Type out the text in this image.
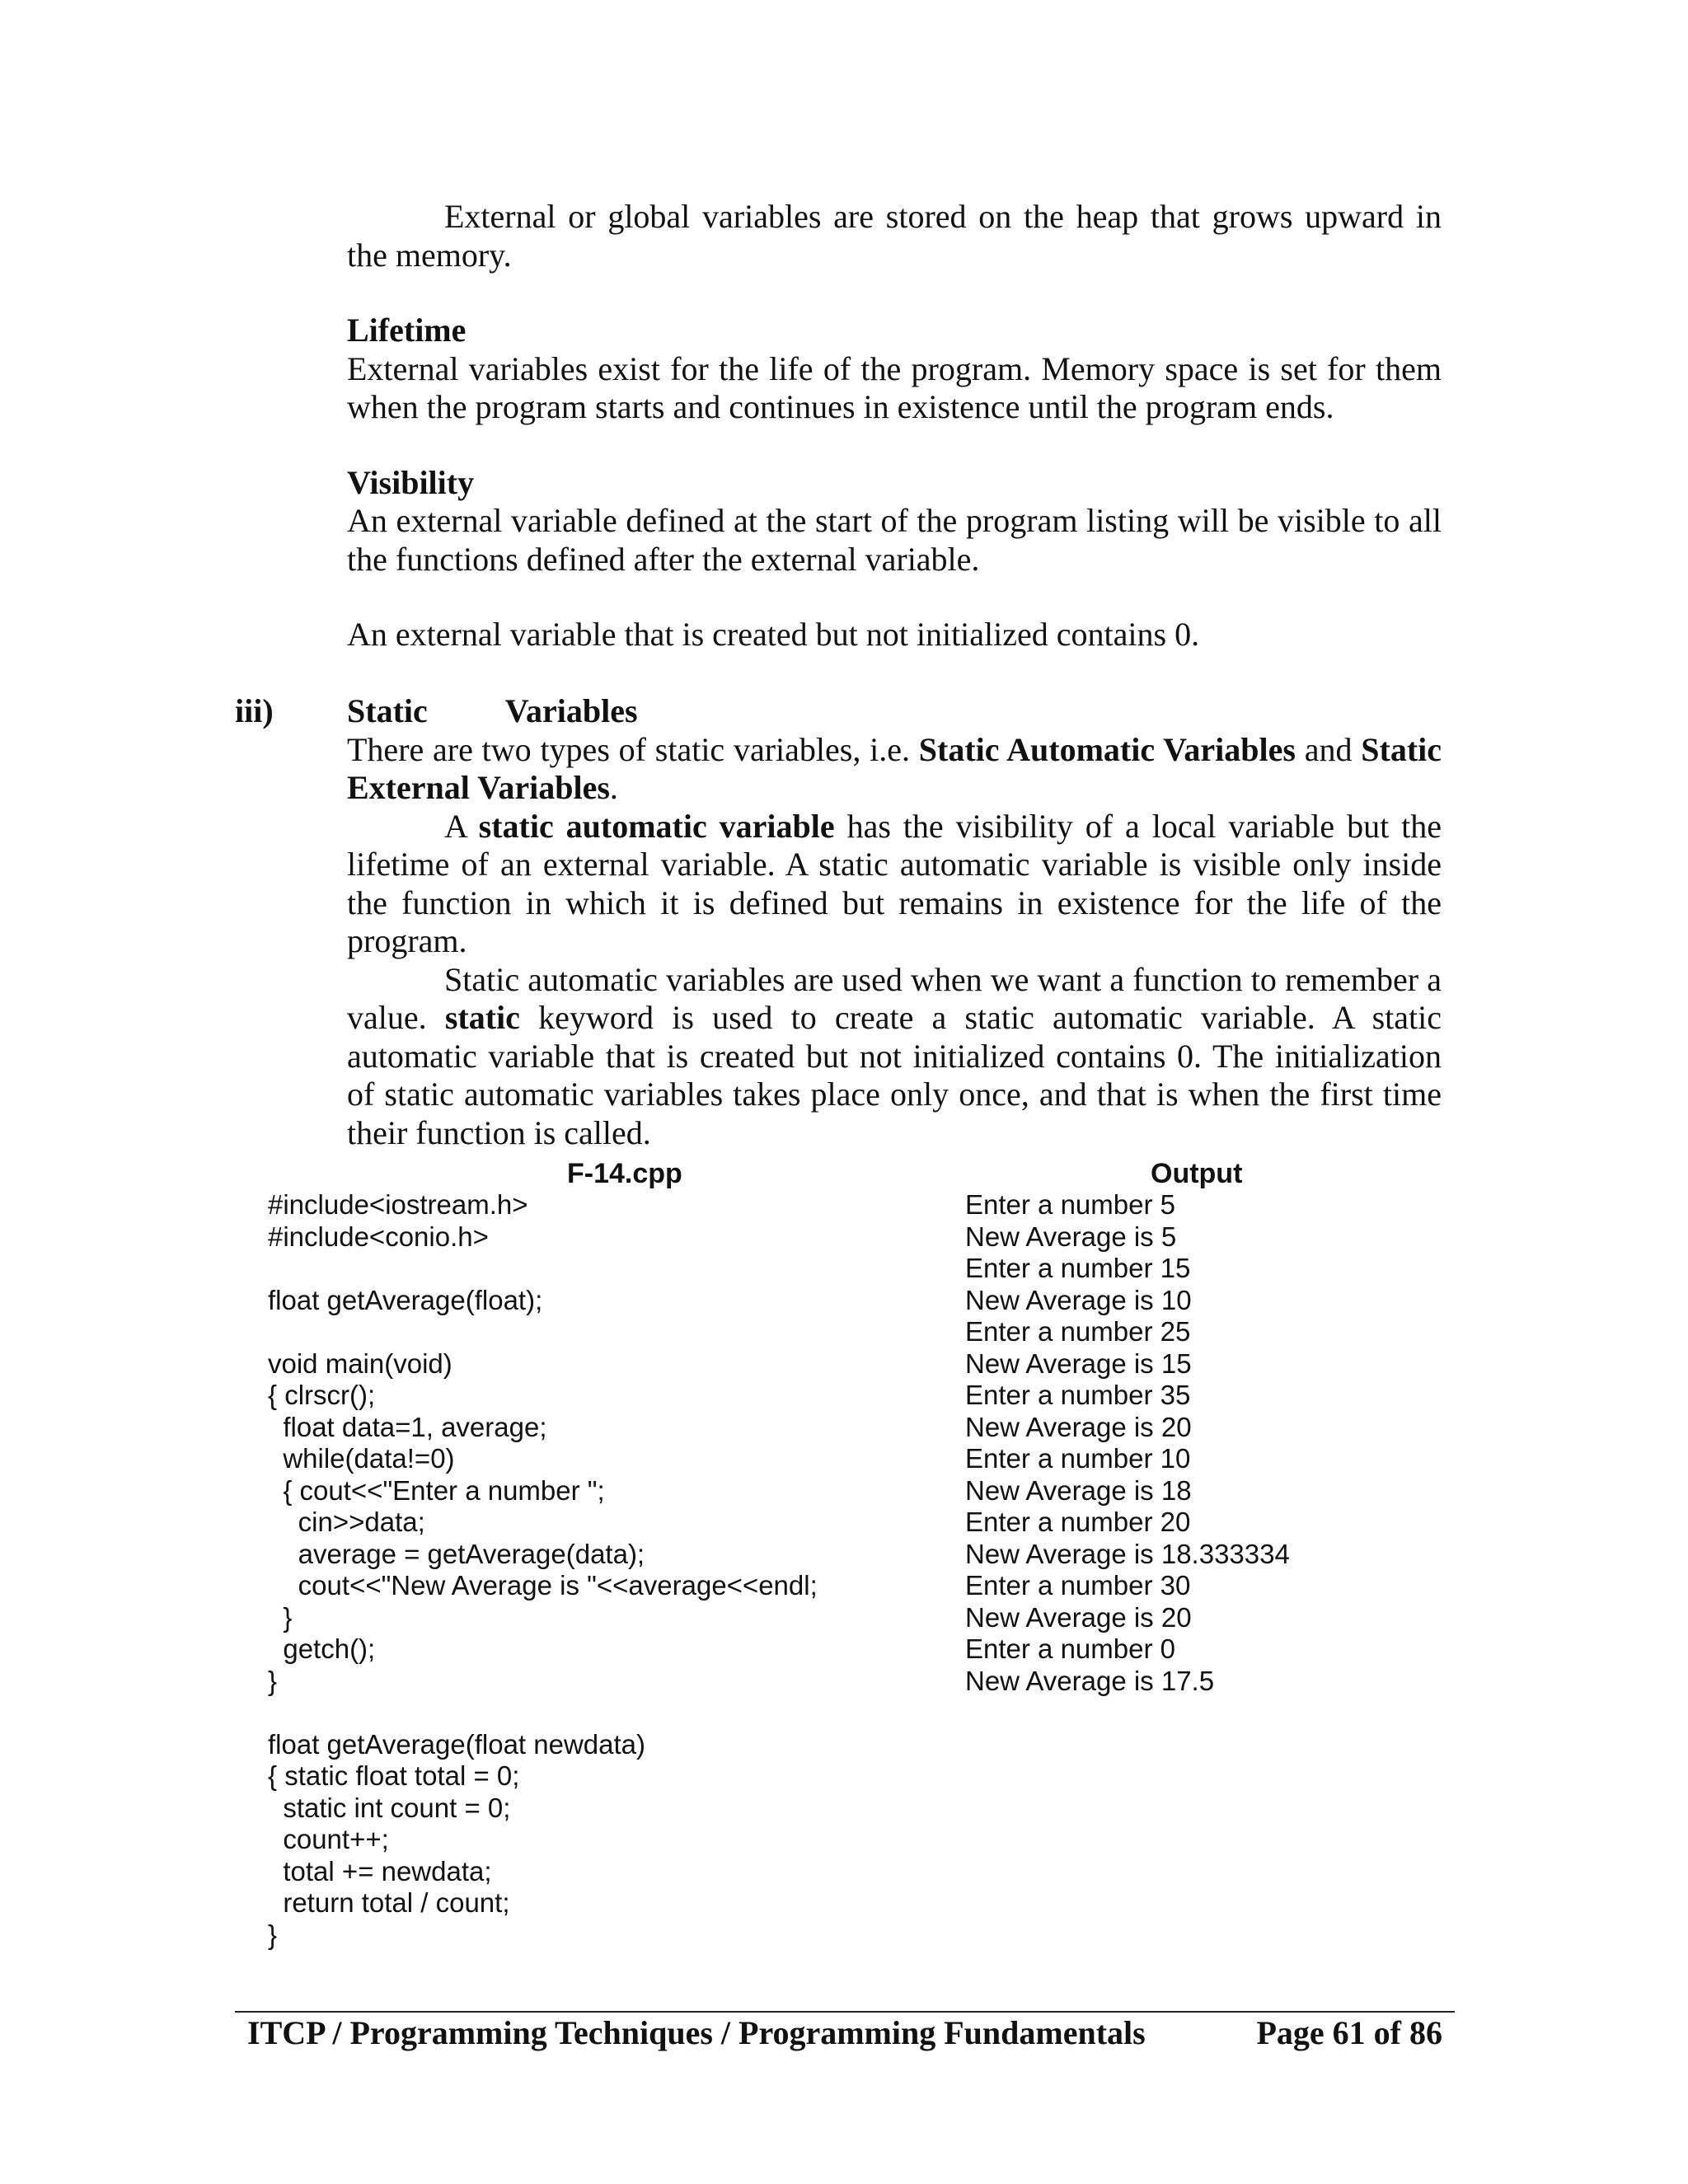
External or global variables are stored on the heap that grows upward in the memory.

Lifetime

External variables exist for the life of the program. Memory space is set for them when the program starts and continues in existence until the program ends.

Visibility

An external variable defined at the start of the program listing will be visible to all the functions defined after the external variable.

An external variable that is created but not initialized contains 0.

iii) Static Variables

There are two types of static variables, i.e. Static Automatic Variables and Static External Variables.

A static automatic variable has the visibility of a local variable but the lifetime of an external variable. A static automatic variable is visible only inside the function in which it is defined but remains in existence for the life of the program.

Static automatic variables are used when we want a function to remember a value. static keyword is used to create a static automatic variable. A static automatic variable that is created but not initialized contains 0. The initialization of static automatic variables takes place only once, and that is when the first time their function is called.

F-14.cpp	Output
#include<iostream.h>
#include<conio.h>

float getAverage(float);

void main(void)
{ clrscr();
float data=1, average;
while(data!=0)
{ cout<<"Enter a number ";
cin>>data;
average = getAverage(data);
cout<<"New Average is "<<average<<endl;
}
getch();
}

float getAverage(float newdata)
{ static float total = 0;
static int count = 0;
count++;
total += newdata;
return total / count;
}
Enter a number 5
New Average is 5
Enter a number 15
New Average is 10
Enter a number 25
New Average is 15
Enter a number 35
New Average is 20
Enter a number 10
New Average is 18
Enter a number 20
New Average is 18.333334
Enter a number 30
New Average is 20
Enter a number 0
New Average is 17.5
ITCP / Programming Techniques / Programming Fundamentals	Page 61 of 86
